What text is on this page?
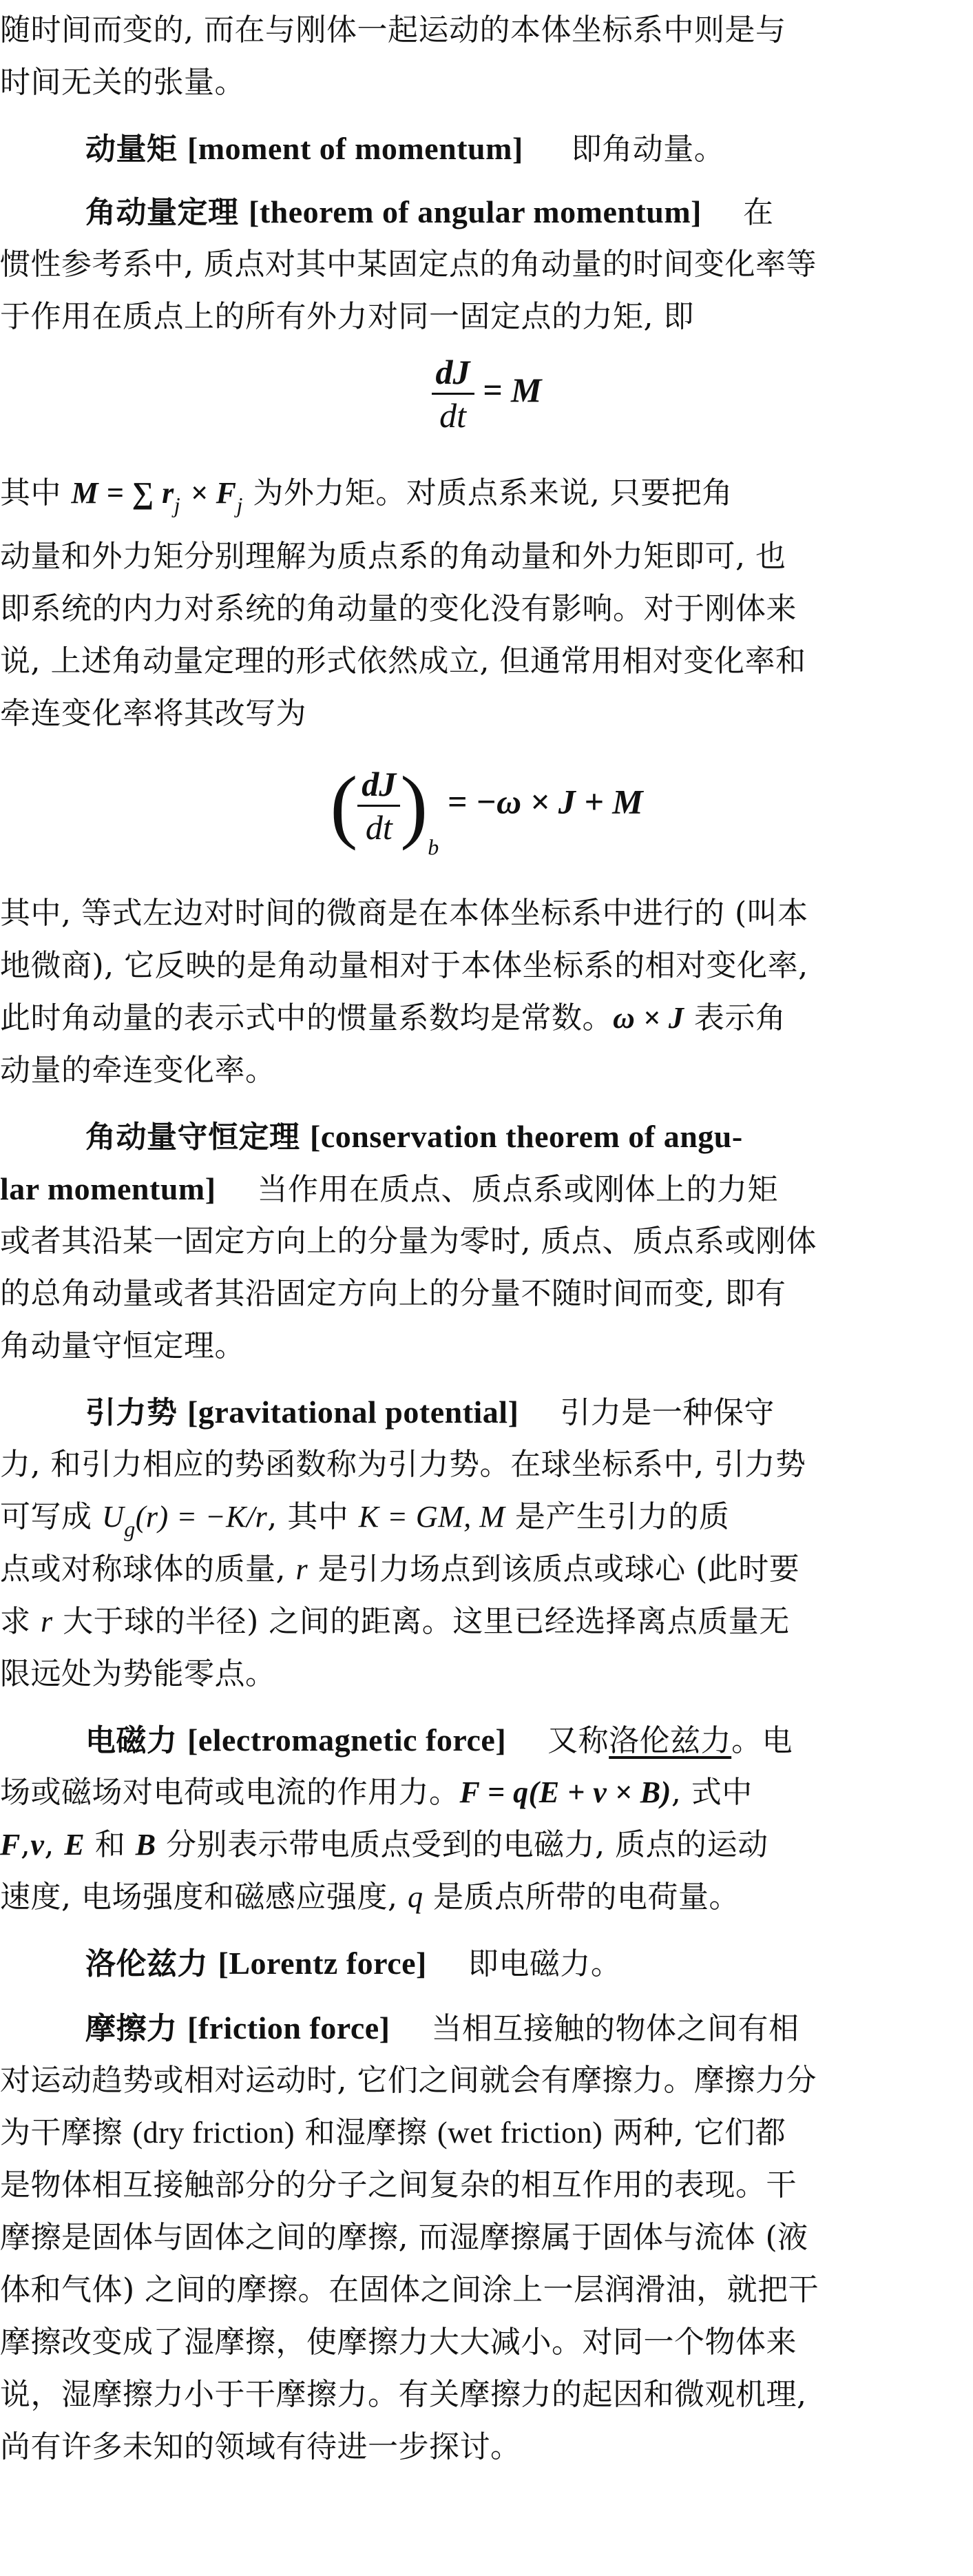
随时间而变的, 而在与刚体一起运动的本体坐标系中则是与

时间无关的张量。

动量矩 [moment of momentum] 即角动量。

角动量定理 [theorem of angular momentum] 在

惯性参考系中, 质点对其中某固定点的角动量的时间变化率等

于作用在质点上的所有外力对同一固定点的力矩, 即

$\frac{dJ}{dt} = M$

其中 M = ∑ $r_j \times F_j$ 为外力矩。对质点系来说, 只要把角

动量和外力矩分别理解为质点系的角动量和外力矩即可, 也

即系统的内力对系统的角动量的变化没有影响。对于刚体来

说, 上述角动量定理的形式依然成立, 但通常用相对变化率和

牵连变化率将其改写为

( $\frac{dJ}{dt} )_b = -\omega \times J + M$

其中, 等式左边对时间的微商是在本体坐标系中进行的 (叫本

地微商), 它反映的是角动量相对于本体坐标系的相对变化率,

此时角动量的表示式中的惯量系数均是常数。ω × J 表示角

动量的牵连变化率。

角动量守恒定理 [conservation theorem of angu-

lar momentum] 当作用在质点、质点系或刚体上的力矩

或者其沿某一固定方向上的分量为零时, 质点、质点系或刚体

的总角动量或者其沿固定方向上的分量不随时间而变, 即有

角动量守恒定理。

引力势 [gravitational potential] 引力是一种保守

力, 和引力相应的势函数称为引力势。在球坐标系中, 引力势

可写成 $U_g(r) = -K/r$, 其中 K = GM, M 是产生引力的质

点或对称球体的质量, r 是引力场点到该质点或球心 (此时要

求 r 大于球的半径) 之间的距离。这里已经选择离点质量无

限远处为势能零点。

电磁力 [electromagnetic force] 又称洛伦兹力。电

场或磁场对电荷或电流的作用力。F = q(E + v × B), 式中

F,v, E 和 B 分别表示带电质点受到的电磁力, 质点的运动

速度, 电场强度和磁感应强度, q 是质点所带的电荷量。

洛伦兹力 [Lorentz force] 即电磁力。

摩擦力 [friction force] 当相互接触的物体之间有相

对运动趋势或相对运动时, 它们之间就会有摩擦力。摩擦力分

为干摩擦 (dry friction) 和湿摩擦 (wet friction) 两种, 它们都

是物体相互接触部分的分子之间复杂的相互作用的表现。干

摩擦是固体与固体之间的摩擦, 而湿摩擦属于固体与流体 (液

体和气体) 之间的摩擦。在固体之间涂上一层润滑油，就把干

摩擦改变成了湿摩擦，使摩擦力大大减小。对同一个物体来

说，湿摩擦力小于干摩擦力。有关摩擦力的起因和微观机理,

尚有许多未知的领域有待进一步探讨。
